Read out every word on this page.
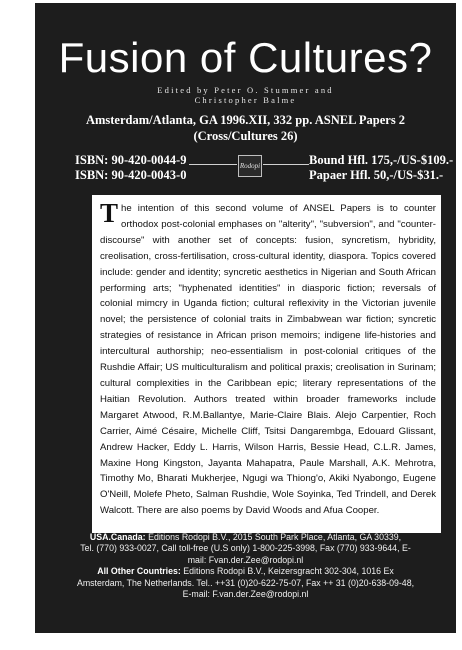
Fusion of Cultures?
Edited by Peter O. Stummer and
Christopher Balme
Amsterdam/Atlanta, GA 1996.XII, 332 pp. ASNEL Papers 2
(Cross/Cultures 26)
ISBN: 90-420-0044-9
ISBN: 90-420-0043-0
Rodopi	Bound Hfl. 175,-/US-$109.-
Papaer Hfl. 50,-/US-$31.-
T he intention of this second volume of ANSEL Papers is to counter orthodox post-colonial emphases on "alterity", "subversion", and "counter-discourse" with another set of concepts: fusion, syncretism, hybridity, creolisation, cross-fertilisation, cross-cultural identity, diaspora. Topics covered include: gender and identity; syncretic aesthetics in Nigerian and South African performing arts; "hyphenated identities" in diasporic fiction; reversals of colonial mimcry in Uganda fiction; cultural reflexivity in the Victorian juvenile novel; the persistence of colonial traits in Zimbabwean war fiction; syncretic strategies of resistance in African prison memoirs; indigene life-histories and intercultural authorship; neo-essentialism in post-colonial critiques of the Rushdie Affair; US multiculturalism and political praxis; creolisation in Surinam; cultural complexities in the Caribbean epic; literary representations of the Haitian Revolution. Authors treated within broader frameworks include Margaret Atwood, R.M.Ballantye, Marie-Claire Blais. Alejo Carpentier, Roch Carrier, Aimé Césaire, Michelle Cliff, Tsitsi Dangarembga, Edouard Glissant, Andrew Hacker, Eddy L. Harris, Wilson Harris, Bessie Head, C.L.R. James, Maxine Hong Kingston, Jayanta Mahapatra, Paule Marshall, A.K. Mehrotra, Timothy Mo, Bharati Mukherjee, Ngugi wa Thiong'o, Akiki Nyabongo, Eugene O'Neill, Molefe Pheto, Salman Rushdie, Wole Soyinka, Ted Trindell, and Derek Walcott. There are also poems by David Woods and Afua Cooper.

USA.Canada: Editions Rodopi B.V., 2015 South Park Place, Atlanta, GA 30339,
Tel. (770) 933-0027, Call toll-free (U.S only) 1-800-225-3998, Fax (770) 933-9644, E-
mail: Fvan.der.Zee@rodopi.nl
All Other Countries: Editions Rodopi B.V., Keizersgracht 302-304, 1016 Ex
Amsterdam, The Netherlands. Tel.. ++31 (0)20-622-75-07, Fax ++ 31 (0)20-638-09-48,
E-mail: F.van.der.Zee@rodopi.nl
